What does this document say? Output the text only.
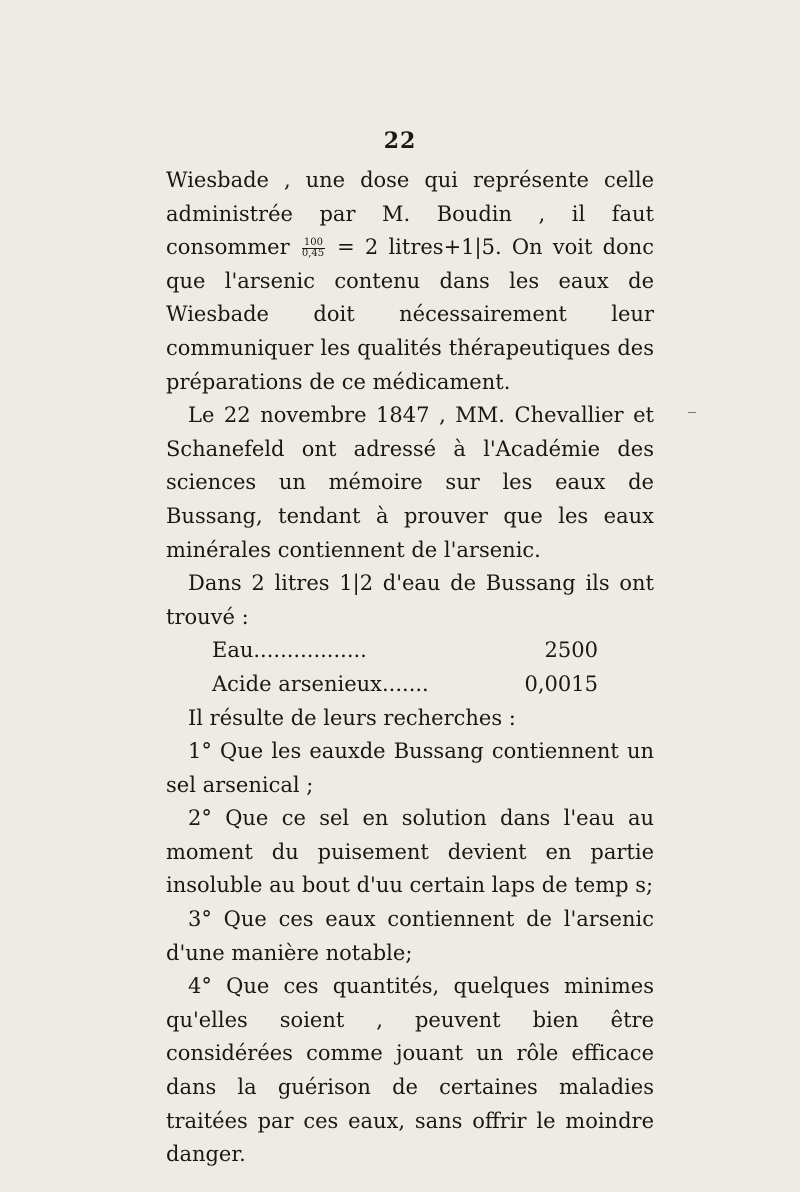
22

Wiesbade , une dose qui représente celle administrée par M. Boudin , il faut consommer $\frac{100}{0,45} = 2$ litres+1|5. On voit donc que l'arsenic contenu dans les eaux de Wiesbade doit nécessairement leur communiquer les qualités thérapeutiques des préparations de ce médicament.

Le 22 novembre 1847 , MM. Chevallier et Schanefeld ont adressé à l'Académie des sciences un mémoire sur les eaux de Bussang, tendant à prouver que les eaux minérales contiennent de l'arsenic.

Dans 2 litres 1|2 d'eau de Bussang ils ont trouvé :

Eau.................	2500
Acide arsenieux.......	0,0015

Il résulte de leurs recherches :

1° Que les eauxde Bussang contiennent un sel arsenical ;

2° Que ce sel en solution dans l'eau au moment du puisement devient en partie insoluble au bout d'uu certain laps de temp s;

3° Que ces eaux contiennent de l'arsenic d'une manière notable;

4° Que ces quantités, quelques minimes qu'elles soient , peuvent bien être considérées comme jouant un rôle efficace dans la guérison de certaines maladies traitées par ces eaux, sans offrir le moindre danger.
